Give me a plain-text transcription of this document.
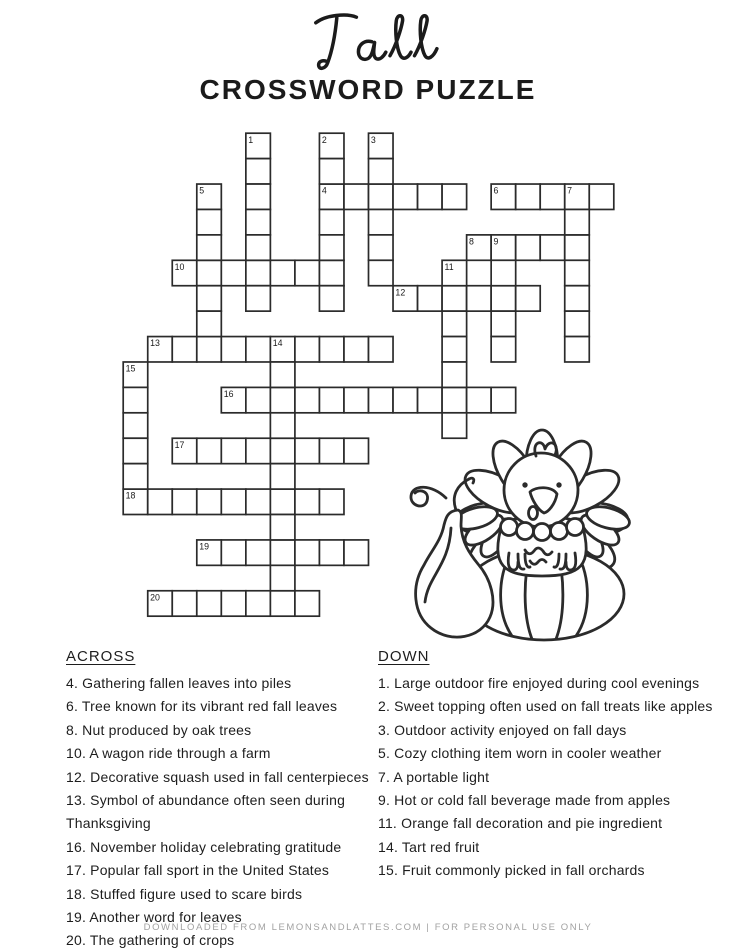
CROSSWORD PUZZLE
4	6
8
10
12
13
16
17
18
19
20
1	2	3
5	7
9
11
14
15
ACROSS
4. Gathering fallen leaves into piles
6. Tree known for its vibrant red fall leaves
8. Nut produced by oak trees
10. A wagon ride through a farm
12. Decorative squash used in fall centerpieces
13. Symbol of abundance often seen during Thanksgiving
16. November holiday celebrating gratitude
17. Popular fall sport in the United States
18. Stuffed figure used to scare birds
19. Another word for leaves
20. The gathering of crops
DOWN
1. Large outdoor fire enjoyed during cool evenings
2. Sweet topping often used on fall treats like apples
3. Outdoor activity enjoyed on fall days
5. Cozy clothing item worn in cooler weather
7. A portable light
9. Hot or cold fall beverage made from apples
11. Orange fall decoration and pie ingredient
14. Tart red fruit
15. Fruit commonly picked in fall orchards
DOWNLOADED FROM LEMONSANDLATTES.COM | FOR PERSONAL USE ONLY
